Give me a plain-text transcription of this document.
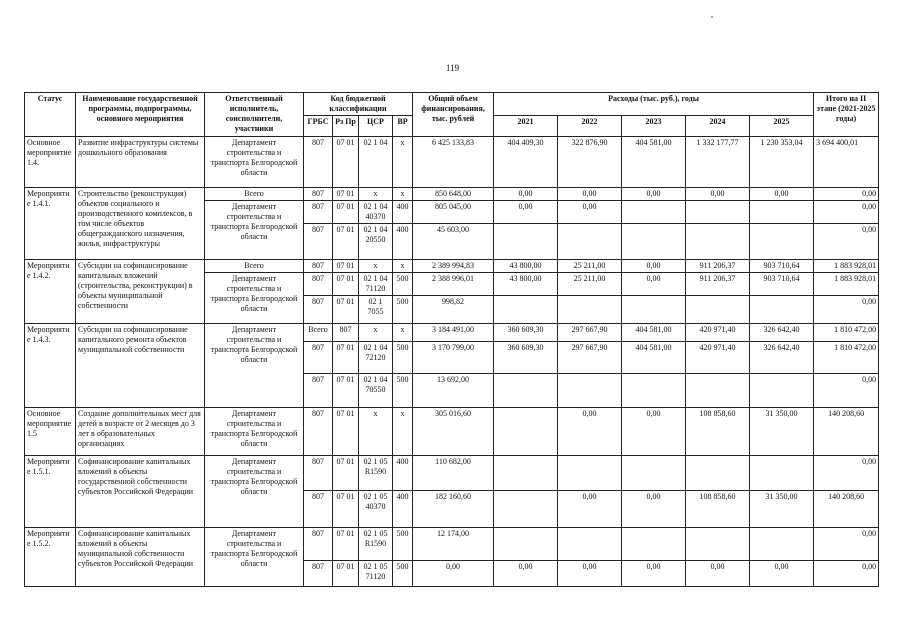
119
Статус	Наименование государственной программы, подпрограммы, основного мероприятия	Ответственный исполнитель, соисполнители, участники	Код бюджетной классификации				Общий объем финансирования, тыс. рублей	Расходы (тыс. руб.), годы					Итого на II этапе (2021-2025 годы)
			ГРБС	Рз Пр	ЦСР	ВР		2021	2022	2023	2024	2025	
Основное мероприятие 1.4.	Развитие инфраструктуры системы дошкольного образования	Департамент строительства и транспорта Белгородской области	807	07 01	02 1 04	х	6 425 133,83	404 409,30	322 876,90	404 581,00	1 332 177,77	1 230 353,04	3 694 400,01
Мероприятие 1.4.1.	Строительство (реконструкция) объектов социального и производственного комплексов, в том числе объектов общегражданского назначения, жилья, инфраструктуры	Всего	807	07 01	х	х	850 648,00	0,00	0,00	0,00	0,00	0,00	0,00
		Департамент строительства и транспорта Белгородской области	807	07 01	02 1 04 40370	400	805 045,00	0,00	0,00				0,00
			807	07 01	02 1 04 20550	400	45 603,00						0,00
Мероприятие 1.4.2.	Субсидии на софинансирование капитальных вложений (строительства, реконструкции) в объекты муниципальной собственности	Всего	807	07 01	х	х	2 389 994,83	43 800,00	25 211,00	0,00	911 206,37	903 710,64	1 883 928,01
		Департамент строительства и транспорта Белгородской области	807	07 01	02 1 04 71120	500	2 388 996,01	43 800,00	25 211,00	0,00	911 206,37	903 710,64	1 883 928,01
			807	07 01	02 1 7055	500	998,82						0,00
Мероприятие 1.4.3.	Субсидии на софинансирование капитального ремонта объектов муниципальной собственности	Департамент строительства и транспорта Белгородской области	Всего	807	х	х	3 184 491,00	360 609,30	297 667,90	404 581,00	420 971,40	326 642,40	1 810 472,00
			807	07 01	02 1 04 72120	500	3 170 799,00	360 609,30	297 667,90	404 581,00	420 971,40	326 642,40	1 810 472,00
			807	07 01	02 1 04 70550	500	13 692,00						0,00
Основное мероприятие 1.5	Создание дополнительных мест для детей в возрасте от 2 месяцев до 3 лет в образовательных организациях	Департамент строительства и транспорта Белгородской области	807	07 01	х	х	305 016,60		0,00	0,00	108 858,60	31 350,00	140 208,60
Мероприятие 1.5.1.	Софинансирование капитальных вложений в объекты государственной собственности субъектов Российской Федерации	Департамент строительства и транспорта Белгородской области	807	07 01	02 1 05 R1590	400	110 682,00						0,00
			807	07 01	02 1 05 40370	400	182 160,60		0,00	0,00	108 858,60	31 350,00	140 208,60
Мероприятие 1.5.2.	Софинансирование капитальных вложений в объекты муниципальной собственности субъектов Российской Федерации	Департамент строительства и транспорта Белгородской области	807	07 01	02 1 05 R1590	500	12 174,00						0,00
			807	07 01	02 1 05 71120	500	0,00	0,00	0,00	0,00	0,00	0,00	0,00
